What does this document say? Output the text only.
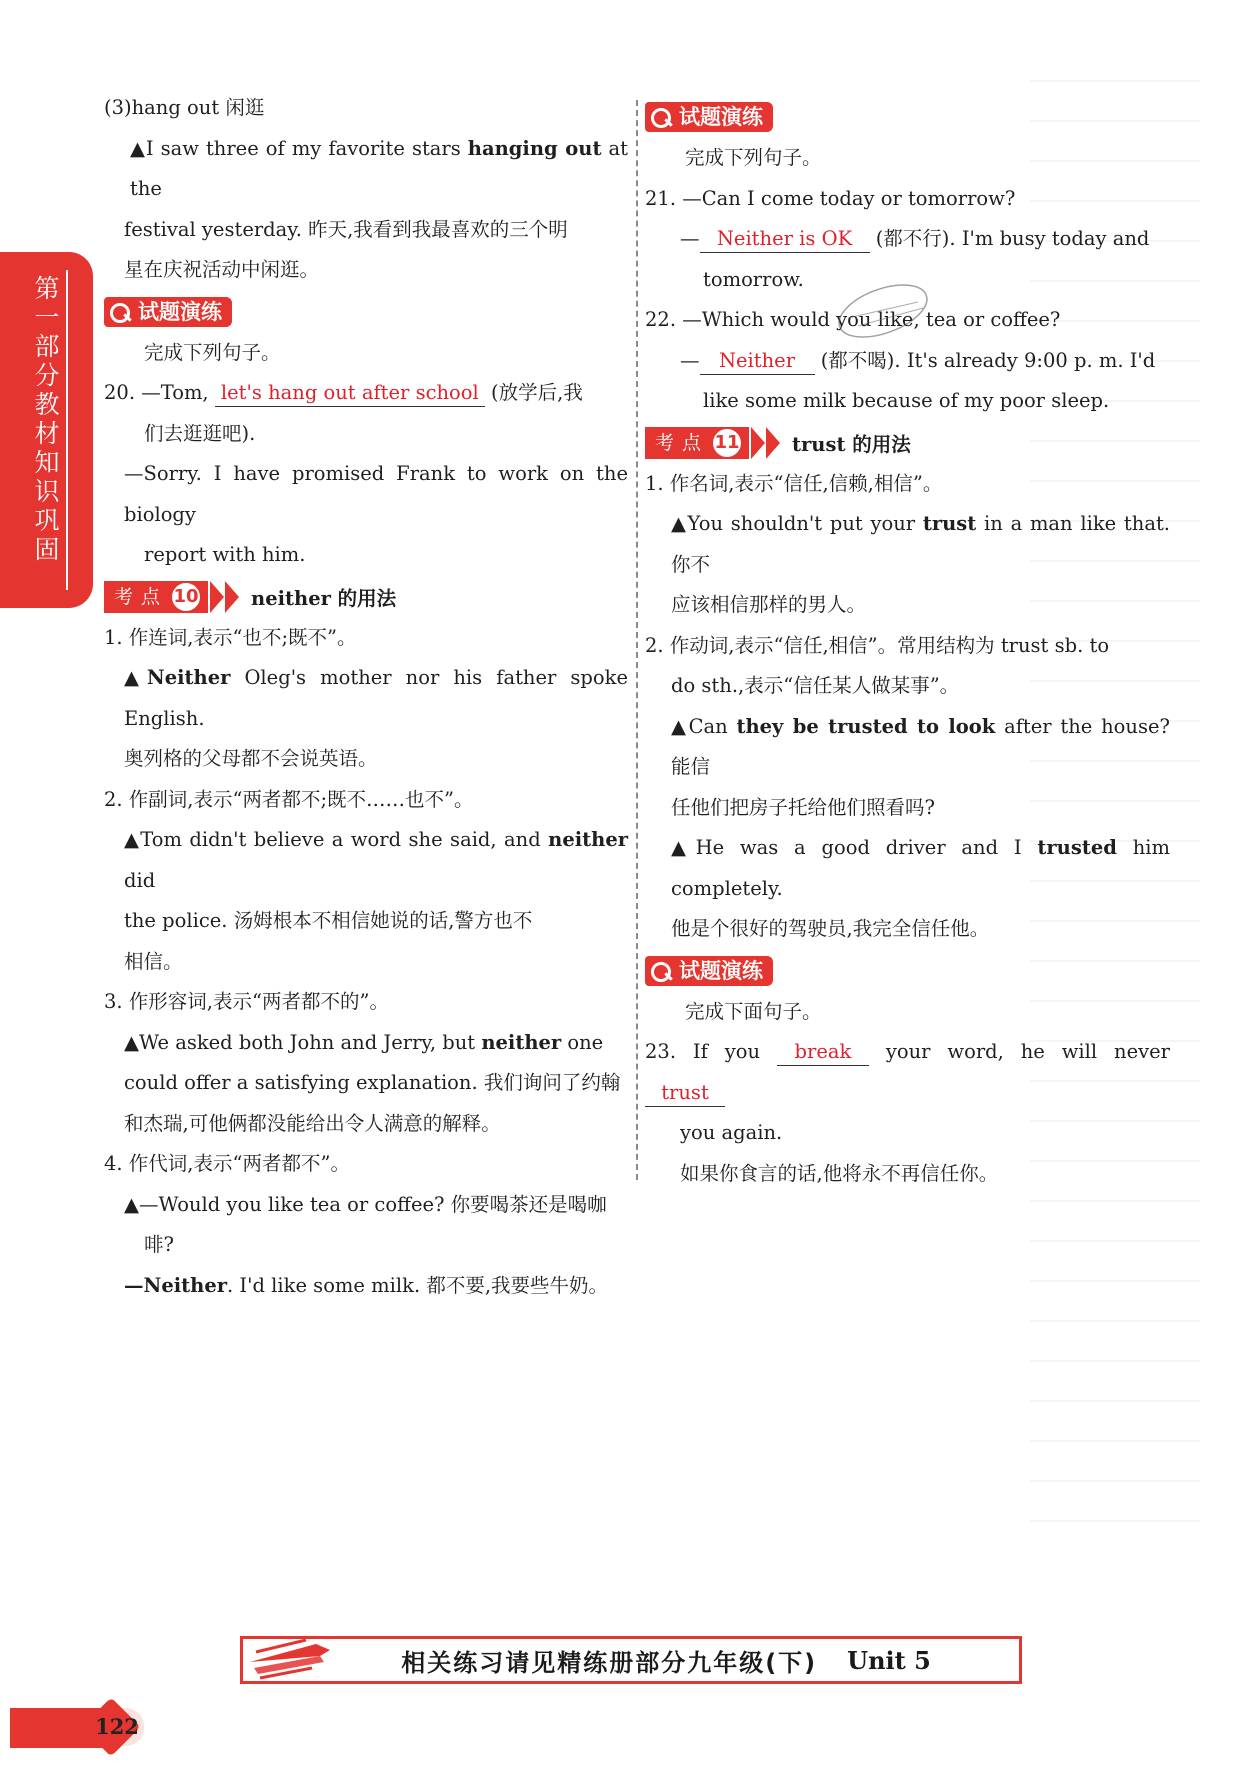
第一部分教材知识巩固

(3)hang out 闲逛

▲I saw three of my favorite stars hanging out at the

festival yesterday. 昨天,我看到我最喜欢的三个明

星在庆祝活动中闲逛。

试题演练

完成下列句子。

20. —Tom, let's hang out after school (放学后,我

们去逛逛吧).

—Sorry. I have promised Frank to work on the biology

report with him.

考点 10	neither 的用法

1. 作连词,表示“也不;既不”。

▲Neither Oleg's mother nor his father spoke English.

奥列格的父母都不会说英语。

2. 作副词,表示“两者都不;既不……也不”。

▲Tom didn't believe a word she said, and neither did

the police. 汤姆根本不相信她说的话,警方也不

相信。

3. 作形容词,表示“两者都不的”。

▲We asked both John and Jerry, but neither one

could offer a satisfying explanation. 我们询问了约翰

和杰瑞,可他俩都没能给出令人满意的解释。

4. 作代词,表示“两者都不”。

▲—Would you like tea or coffee? 你要喝茶还是喝咖

啡?

—Neither. I'd like some milk. 都不要,我要些牛奶。

试题演练

完成下列句子。

21. —Can I come today or tomorrow?

— Neither is OK (都不行). I'm busy today and

tomorrow.

22. —Which would you like, tea or coffee?

— Neither (都不喝). It's already 9:00 p. m. I'd

like some milk because of my poor sleep.

考点 11	trust 的用法

1. 作名词,表示“信任,信赖,相信”。

▲You shouldn't put your trust in a man like that. 你不

应该相信那样的男人。

2. 作动词,表示“信任,相信”。常用结构为 trust sb. to

do sth.,表示“信任某人做某事”。

▲Can they be trusted to look after the house? 能信

任他们把房子托给他们照看吗?

▲He was a good driver and I trusted him completely.

他是个很好的驾驶员,我完全信任他。

试题演练

完成下面句子。

23. If you break your word, he will never trust

you again.

如果你食言的话,他将永不再信任你。

相关练习请见精练册部分九年级(下) Unit 5
122
